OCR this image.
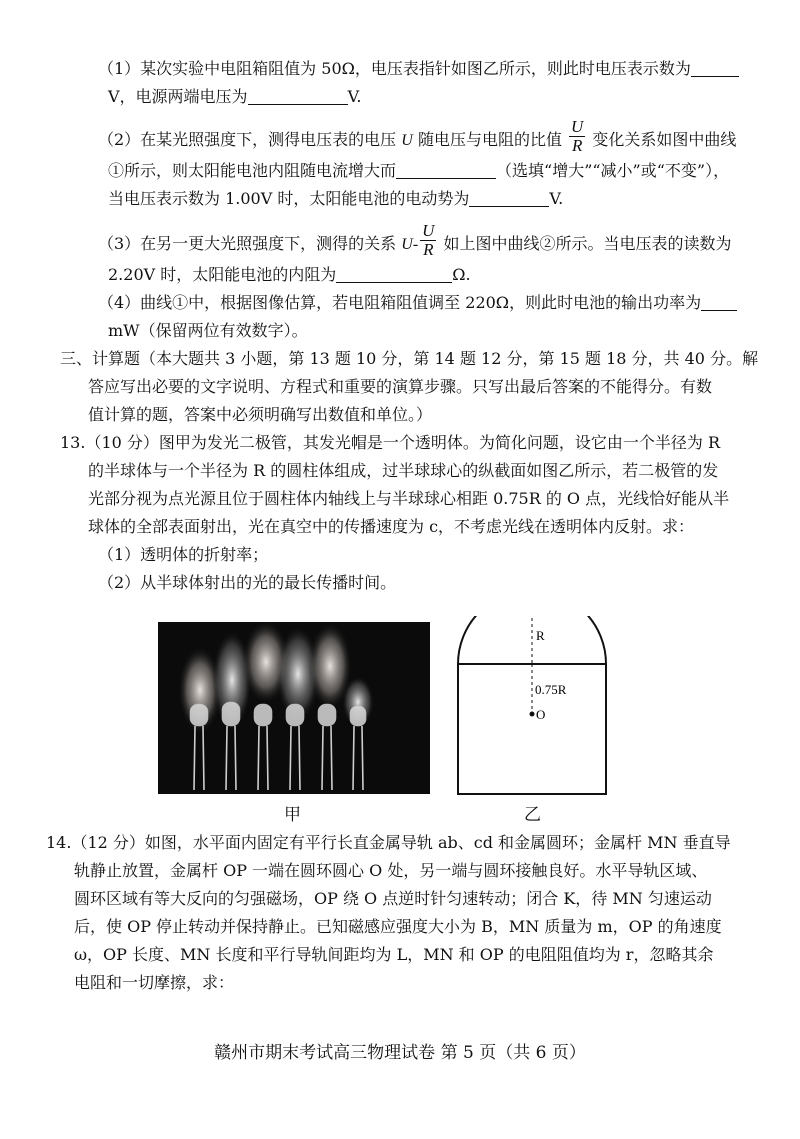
（1）某次实验中电阻箱阻值为 50Ω，电压表指针如图乙所示，则此时电压表示数为
V，电源两端电压为	V.
（2）在某光照强度下，测得电压表的电压 U 随电压与电阻的比值 $\frac{U}{R}$ 变化关系如图中曲线
①所示，则太阳能电池内阻随电流增大而	（选填“增大”“减小”或“不变”），
当电压表示数为 1.00V 时，太阳能电池的电动势为	V.
（3）在另一更大光照强度下，测得的关系 $U- \frac{U}{R}$ 如上图中曲线②所示。当电压表的读数为
2.20V 时，太阳能电池的内阻为	Ω.
（4）曲线①中，根据图像估算，若电阻箱阻值调至 220Ω，则此时电池的输出功率为
mW（保留两位有效数字）。
三、计算题（本大题共 3 小题，第 13 题 10 分，第 14 题 12 分，第 15 题 18 分，共 40 分。解
答应写出必要的文字说明、方程式和重要的演算步骤。只写出最后答案的不能得分。有数
值计算的题，答案中必须明确写出数值和单位。）
13.（10 分）图甲为发光二极管，其发光帽是一个透明体。为简化问题，设它由一个半径为 R
的半球体与一个半径为 R 的圆柱体组成，过半球球心的纵截面如图乙所示，若二极管的发
光部分视为点光源且位于圆柱体内轴线上与半球球心相距 0.75R 的 O 点，光线恰好能从半
球体的全部表面射出，光在真空中的传播速度为 c，不考虑光线在透明体内反射。求：
（1）透明体的折射率；
（2）从半球体射出的光的最长传播时间。
R
0.75R
O
甲	乙
14.（12 分）如图，水平面内固定有平行长直金属导轨 ab、cd 和金属圆环；金属杆 MN 垂直导
轨静止放置，金属杆 OP 一端在圆环圆心 O 处，另一端与圆环接触良好。水平导轨区域、
圆环区域有等大反向的匀强磁场，OP 绕 O 点逆时针匀速转动；闭合 K，待 MN 匀速运动
后，使 OP 停止转动并保持静止。已知磁感应强度大小为 B，MN 质量为 m，OP 的角速度
ω，OP 长度、MN 长度和平行导轨间距均为 L，MN 和 OP 的电阻阻值均为 r，忽略其余
电阻和一切摩擦，求：
赣州市期末考试高三物理试卷 第 5 页（共 6 页）
